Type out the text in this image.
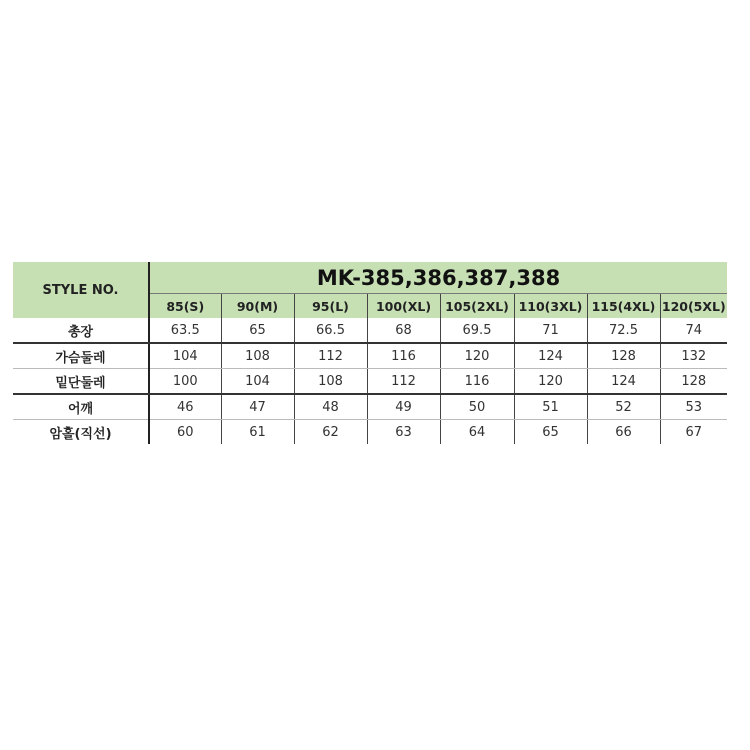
STYLE NO.	MK-385,386,387,388							
	85(S)	90(M)	95(L)	100(XL)	105(2XL)	110(3XL)	115(4XL)	120(5XL)
총장	63.5	65	66.5	68	69.5	71	72.5	74
가슴둘레	104	108	112	116	120	124	128	132
밑단둘레	100	104	108	112	116	120	124	128
어깨	46	47	48	49	50	51	52	53
암홀(직선)	60	61	62	63	64	65	66	67
